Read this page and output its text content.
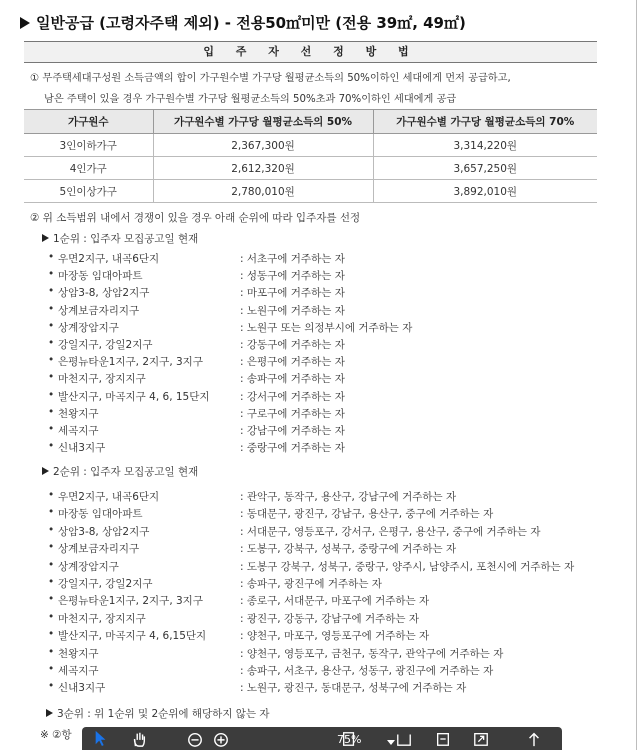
일반공급 (고령자주택 제외) - 전용50㎡미만 (전용 39㎡, 49㎡)
입 주 자 선 정 방 법
① 무주택세대구성원 소득금액의 합이 가구원수별 가구당 월평균소득의 50%이하인 세대에게 먼저 공급하고,
남은 주택이 있을 경우 가구원수별 가구당 월평균소득의 50%초과 70%이하인 세대에게 공급
가구원수	가구원수별 가구당 월평균소득의 50%	가구원수별 가구당 월평균소득의 70%
3인이하가구	2,367,300원	3,314,220원
4인가구	2,612,320원	3,657,250원
5인이상가구	2,780,010원	3,892,010원
② 위 소득범위 내에서 경쟁이 있을 경우 아래 순위에 따라 입주자를 선정
1순위 : 입주자 모집공고일 현재
• 우면2지구, 내곡6단지	: 서초구에 거주하는 자
• 마장동 임대아파트	: 성동구에 거주하는 자
• 상암3-8, 상암2지구	: 마포구에 거주하는 자
• 상계보금자리지구	: 노원구에 거주하는 자
• 상계장암지구	: 노원구 또는 의정부시에 거주하는 자
• 강일지구, 강일2지구	: 강동구에 거주하는 자
• 은평뉴타운1지구, 2지구, 3지구	: 은평구에 거주하는 자
• 마천지구, 장지지구	: 송파구에 거주하는 자
• 발산지구, 마곡지구 4, 6, 15단지	: 강서구에 거주하는 자
• 천왕지구	: 구로구에 거주하는 자
• 세곡지구	: 강남구에 거주하는 자
• 신내3지구	: 중랑구에 거주하는 자
2순위 : 입주자 모집공고일 현재
• 우면2지구, 내곡6단지	: 관악구, 동작구, 용산구, 강남구에 거주하는 자
• 마장동 임대아파트	: 동대문구, 광진구, 강남구, 용산구, 중구에 거주하는 자
• 상암3-8, 상암2지구	: 서대문구, 영등포구, 강서구, 은평구, 용산구, 중구에 거주하는 자
• 상계보금자리지구	: 도봉구, 강북구, 성북구, 중랑구에 거주하는 자
• 상계장암지구	: 도봉구 강북구, 성북구, 중랑구, 양주시, 남양주시, 포천시에 거주하는 자
• 강일지구, 강일2지구	: 송파구, 광진구에 거주하는 자
• 은평뉴타운1지구, 2지구, 3지구	: 종로구, 서대문구, 마포구에 거주하는 자
• 마천지구, 장지지구	: 광진구, 강동구, 강남구에 거주하는 자
• 발산지구, 마곡지구 4, 6,15단지	: 양천구, 마포구, 영등포구에 거주하는 자
• 천왕지구	: 양천구, 영등포구, 금천구, 동작구, 관악구에 거주하는 자
• 세곡지구	: 송파구, 서초구, 용산구, 성동구, 광진구에 거주하는 자
• 신내3지구	: 노원구, 광진구, 동대문구, 성북구에 거주하는 자
3순위 : 위 1순위 및 2순위에 해당하지 않는 자
※ ②항	75%
